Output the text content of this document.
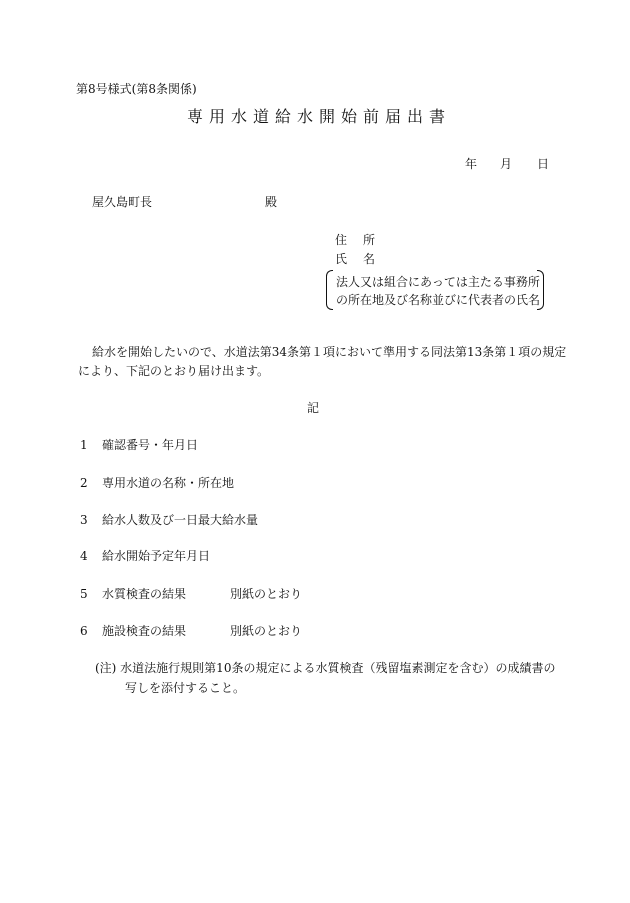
第8号様式(第8条関係)
専用水道給水開始前届出書
年 月 日
屋久島町長	殿
住所
氏名
法人又は組合にあっては主たる事務所
の所在地及び名称並びに代表者の氏名
給水を開始したいので、水道法第34条第１項において準用する同法第13条第１項の規定
により、下記のとおり届け出ます。
記
1 確認番号・年月日
2 専用水道の名称・所在地
3 給水人数及び一日最大給水量
4 給水開始予定年月日
5 水質検査の結果
6 施設検査の結果
別紙のとおり
別紙のとおり
(注) 水道法施行規則第10条の規定による水質検査（残留塩素測定を含む）の成績書の
写しを添付すること。
